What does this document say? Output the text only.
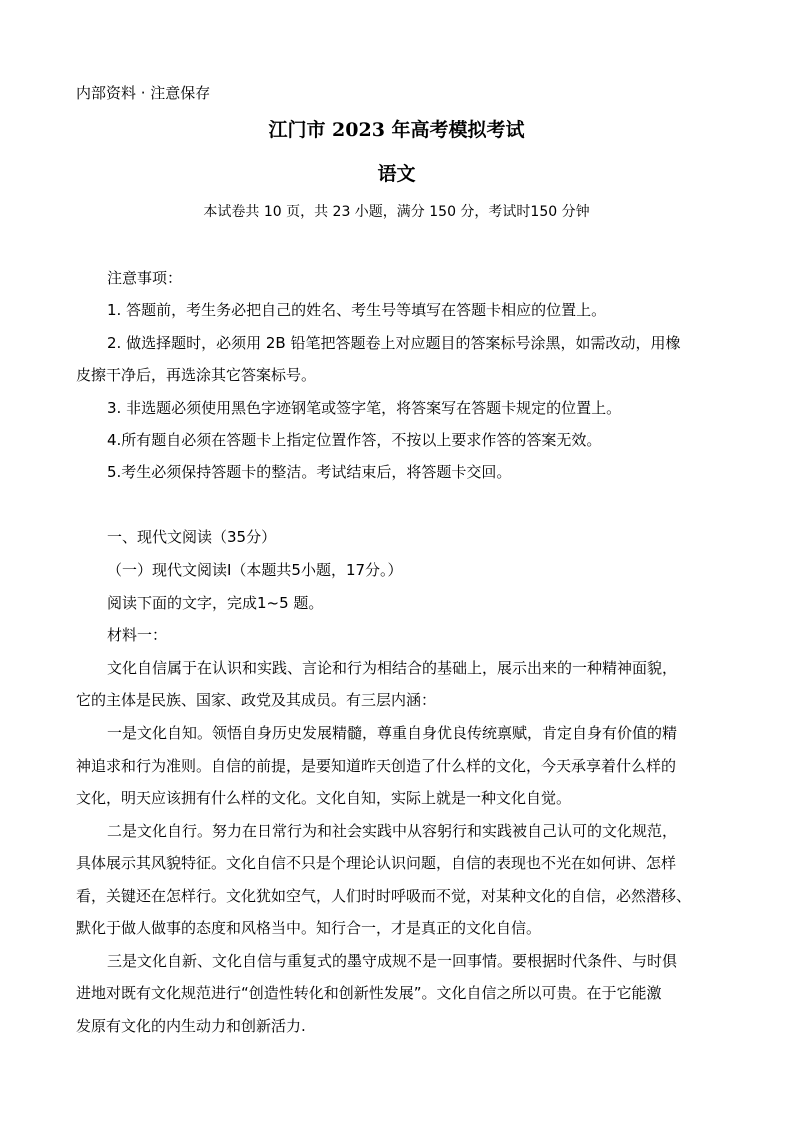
内部资料 · 注意保存
江门市 2023 年高考模拟考试
语文
本试卷共 10 页，共 23 小题，满分 150 分，考试时150 分钟
注意事项：
1. 答题前，考生务必把自己的姓名、考生号等填写在答题卡相应的位置上。
2. 做选择题时，必须用 2B 铅笔把答题卷上对应题目的答案标号涂黑，如需改动，用橡
皮擦干净后，再选涂其它答案标号。
3. 非选题必须使用黑色字迹钢笔或签字笔，将答案写在答题卡规定的位置上。
4.所有题自必须在答题卡上指定位置作答，不按以上要求作答的答案无效。
5.考生必须保持答题卡的整洁。考试结束后，将答题卡交回。
一、现代文阅读（35分）
（一）现代文阅读Ⅰ（本题共5小题，17分。）
阅读下面的文字，完成1~5 题。
材料一：
文化自信属于在认识和实践、言论和行为相结合的基础上，展示出来的一种精神面貌，
它的主体是民族、国家、政党及其成员。有三层内涵：
一是文化自知。领悟自身历史发展精髓，尊重自身优良传统禀赋，肯定自身有价值的精
神追求和行为准则。自信的前提，是要知道昨天创造了什么样的文化，今天承享着什么样的
文化，明天应该拥有什么样的文化。文化自知，实际上就是一种文化自觉。
二是文化自行。努力在日常行为和社会实践中从容躬行和实践被自己认可的文化规范，
具体展示其风貌特征。文化自信不只是个理论认识问题，自信的表现也不光在如何讲、怎样
看，关键还在怎样行。文化犹如空气，人们时时呼吸而不觉，对某种文化的自信，必然潜移、
默化于做人做事的态度和风格当中。知行合一，才是真正的文化自信。
三是文化自新、文化自信与重复式的墨守成规不是一回事情。要根据时代条件、与时俱
进地对既有文化规范进行“创造性转化和创新性发展”。文化自信之所以可贵。在于它能激
发原有文化的内生动力和创新活力.
